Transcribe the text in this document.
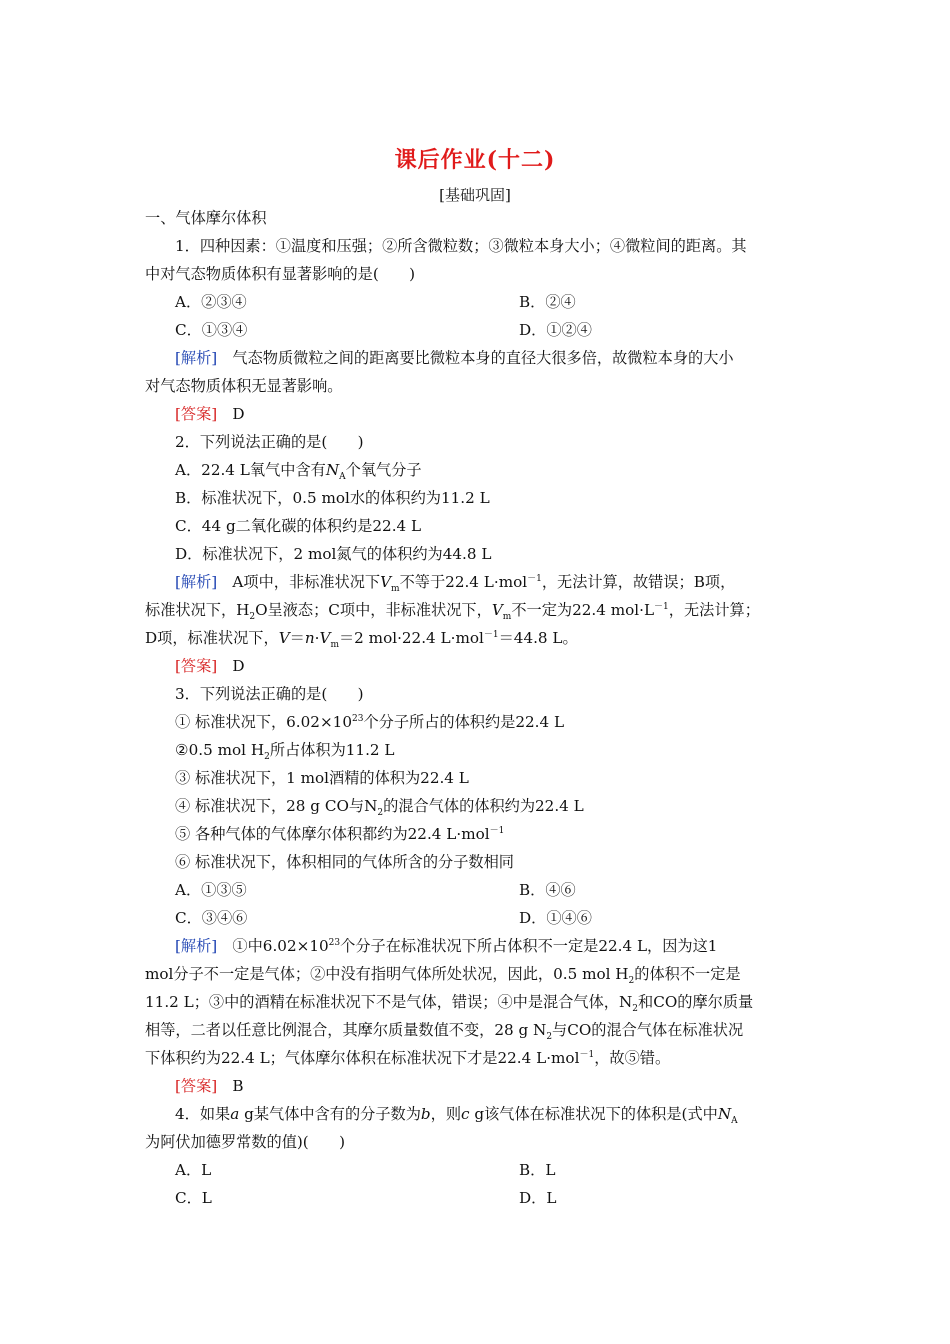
课后作业(十二)
[基础巩固]
一、气体摩尔体积
1．四种因素：①温度和压强；②所含微粒数；③微粒本身大小；④微粒间的距离。其
中对气态物质体积有显著影响的是(　　)
A．②③④	B．②④
C．①③④	D．①②④
[解析]　气态物质微粒之间的距离要比微粒本身的直径大很多倍，故微粒本身的大小
对气态物质体积无显著影响。
[答案]　D
2．下列说法正确的是(　　)
A．22.4 L氧气中含有$N_A$个氧气分子
B．标准状况下，0.5 mol水的体积约为11.2 L
C．44 g二氧化碳的体积约是22.4 L
D．标准状况下，2 mol氮气的体积约为44.8 L
[解析]　A项中，非标准状况下$V_m$不等于22.4 L·mol$^{-1}$，无法计算，故错误；B项，
标准状况下，$H_2O$呈液态；C项中，非标准状况下，$V_m$不一定为22.4 $mol\cdot L^{-1}$，无法计算；
D项，标准状况下，$V=n\cdot V_m=2$ mol·22.4 L·mol$^{-1}$＝44.8 L。
[答案]　D
3．下列说法正确的是(　　)
① 标准状况下，$6.02\times 10^{23}$个分子所占的体积约是22.4 L
②0.5 mol $H_2$所占体积为11.2 L
③ 标准状况下，1 mol酒精的体积为22.4 L
④ 标准状况下，28 g CO与$N_2$的混合气体的体积约为22.4 L
⑤ 各种气体的气体摩尔体积都约为22.4 L·mol$^{-1}$
⑥ 标准状况下，体积相同的气体所含的分子数相同
A．①③⑤	B．④⑥
C．③④⑥	D．①④⑥
[解析]　①中$6.02\times 10^{23}$个分子在标准状况下所占体积不一定是22.4 L，因为这1
mol分子不一定是气体；②中没有指明气体所处状况，因此，0.5 mol $H_2$的体积不一定是
11.2 L；③中的酒精在标准状况下不是气体，错误；④中是混合气体，$N_2$和CO的摩尔质量
相等，二者以任意比例混合，其摩尔质量数值不变，28 g $N_2$与CO的混合气体在标准状况
下体积约为22.4 L；气体摩尔体积在标准状况下才是22.4 L·mol$^{-1}$，故⑤错。
[答案]　B
4．如果a g某气体中含有的分子数为b，则c g该气体在标准状况下的体积是(式中$N_A$
为阿伏加德罗常数的值)(　　)
A．L	B．L
C．L	D．L
